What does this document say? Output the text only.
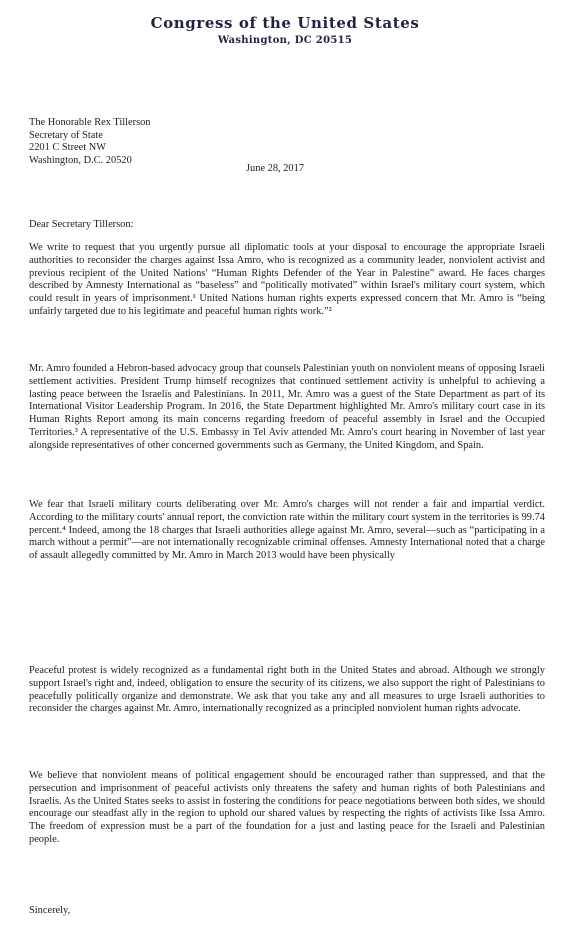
Congress of the United States
Washington, DC 20515
The Honorable Rex Tillerson
Secretary of State
2201 C Street NW
Washington, D.C. 20520
June 28, 2017
Dear Secretary Tillerson:
We write to request that you urgently pursue all diplomatic tools at your disposal to encourage the appropriate Israeli authorities to reconsider the charges against Issa Amro, who is recognized as a community leader, nonviolent activist and previous recipient of the United Nations' “Human Rights Defender of the Year in Palestine” award. He faces charges described by Amnesty International as “baseless” and “politically motivated” within Israel's military court system, which could result in years of imprisonment.¹ United Nations human rights experts expressed concern that Mr. Amro is “being unfairly targeted due to his legitimate and peaceful human rights work.”²
Mr. Amro founded a Hebron-based advocacy group that counsels Palestinian youth on nonviolent means of opposing Israeli settlement activities. President Trump himself recognizes that continued settlement activity is unhelpful to achieving a lasting peace between the Israelis and Palestinians. In 2011, Mr. Amro was a guest of the State Department as part of its International Visitor Leadership Program. In 2016, the State Department highlighted Mr. Amro's military court case in its Human Rights Report among its main concerns regarding freedom of peaceful assembly in Israel and the Occupied Territories.³ A representative of the U.S. Embassy in Tel Aviv attended Mr. Amro's court hearing in November of last year alongside representatives of other concerned governments such as Germany, the United Kingdom, and Spain.
We fear that Israeli military courts deliberating over Mr. Amro's charges will not render a fair and impartial verdict. According to the military courts' annual report, the conviction rate within the military court system in the territories is 99.74 percent.⁴ Indeed, among the 18 charges that Israeli authorities allege against Mr. Amro, several—such as “participating in a march without a permit”—are not internationally recognizable criminal offenses. Amnesty International noted that a charge of assault allegedly committed by Mr. Amro in March 2013 would have been physically
Peaceful protest is widely recognized as a fundamental right both in the United States and abroad. Although we strongly support Israel's right and, indeed, obligation to ensure the security of its citizens, we also support the right of Palestinians to peacefully politically organize and demonstrate. We ask that you take any and all measures to urge Israeli authorities to reconsider the charges against Mr. Amro, internationally recognized as a principled nonviolent human rights advocate.
We believe that nonviolent means of political engagement should be encouraged rather than suppressed, and that the persecution and imprisonment of peaceful activists only threatens the safety and human rights of both Palestinians and Israelis. As the United States seeks to assist in fostering the conditions for peace negotiations between both sides, we should encourage our steadfast ally in the region to uphold our shared values by respecting the rights of activists like Issa Amro. The freedom of expression must be a part of the foundation for a just and lasting peace for the Israeli and Palestinian people.
Sincerely,
